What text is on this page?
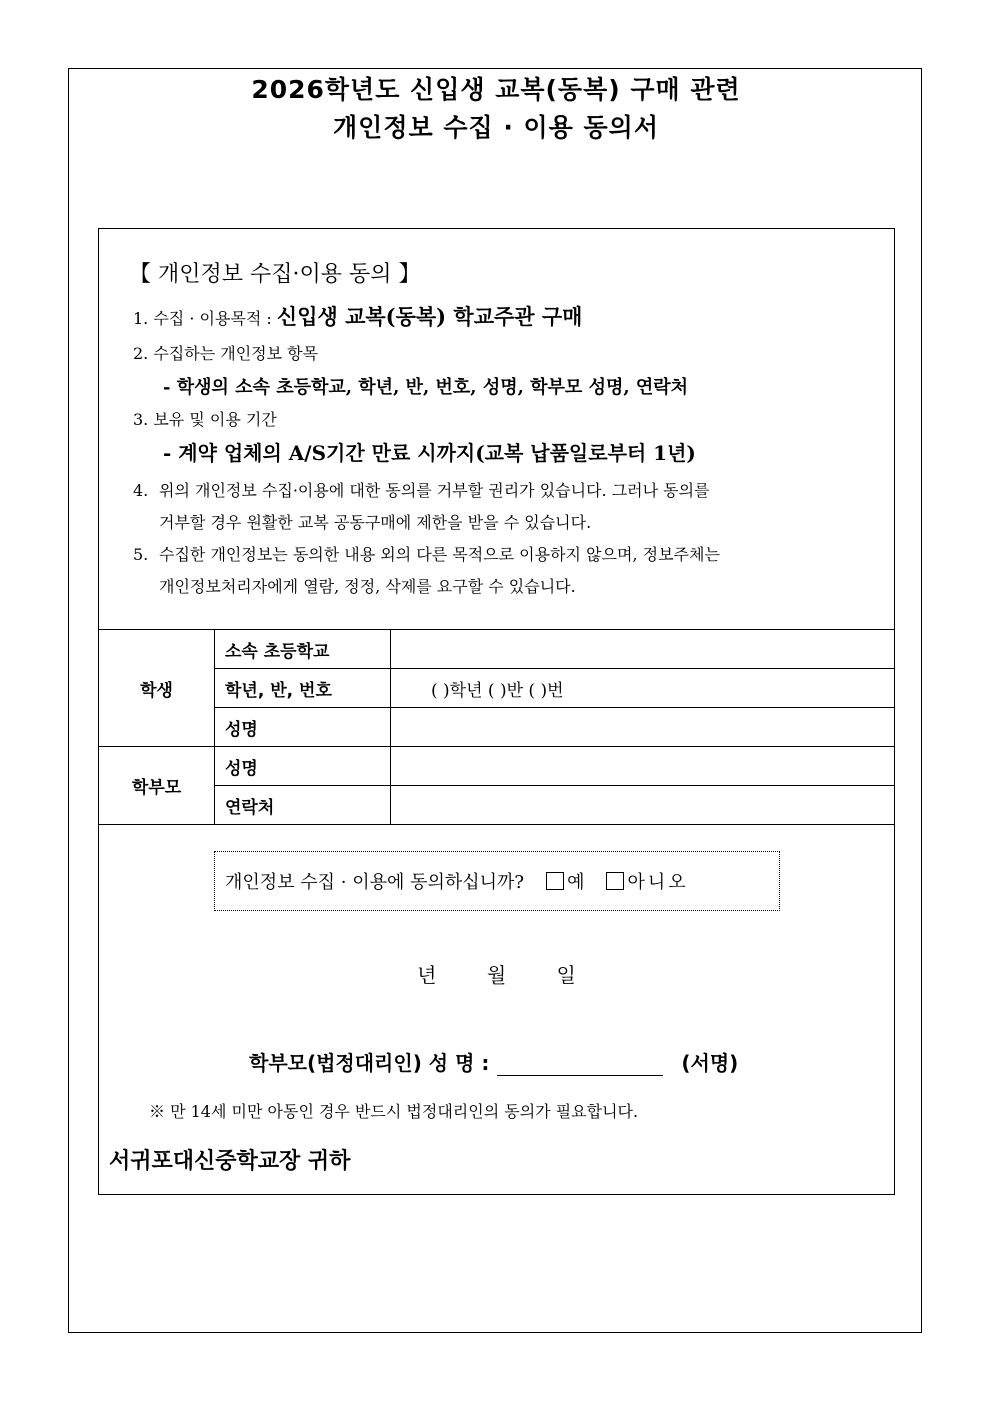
2026학년도 신입생 교복(동복) 구매 관련
개인정보 수집 · 이용 동의서
【 개인정보 수집·이용 동의 】
1. 수집 · 이용목적 : 신입생 교복(동복) 학교주관 구매
2. 수집하는 개인정보 항목
- 학생의 소속 초등학교, 학년, 반, 번호, 성명, 학부모 성명, 연락처
3. 보유 및 이용 기간
- 계약 업체의 A/S기간 만료 시까지(교복 납품일로부터 1년)
4. 위의 개인정보 수집·이용에 대한 동의를 거부할 권리가 있습니다. 그러나 동의를
거부할 경우 원활한 교복 공동구매에 제한을 받을 수 있습니다.
5. 수집한 개인정보는 동의한 내용 외의 다른 목적으로 이용하지 않으며, 정보주체는
개인정보처리자에게 열람, 정정, 삭제를 요구할 수 있습니다.
학생	소속 초등학교	
	학년, 반, 번호	( )학년 ( )반 ( )번
	성명	
학부모	성명	
	연락처	
개인정보 수집 · 이용에 동의하십니까? 예 아니오
년	월	일
학부모(법정대리인) 성 명 :	(서명)
※ 만 14세 미만 아동인 경우 반드시 법정대리인의 동의가 필요합니다.
서귀포대신중학교장 귀하
